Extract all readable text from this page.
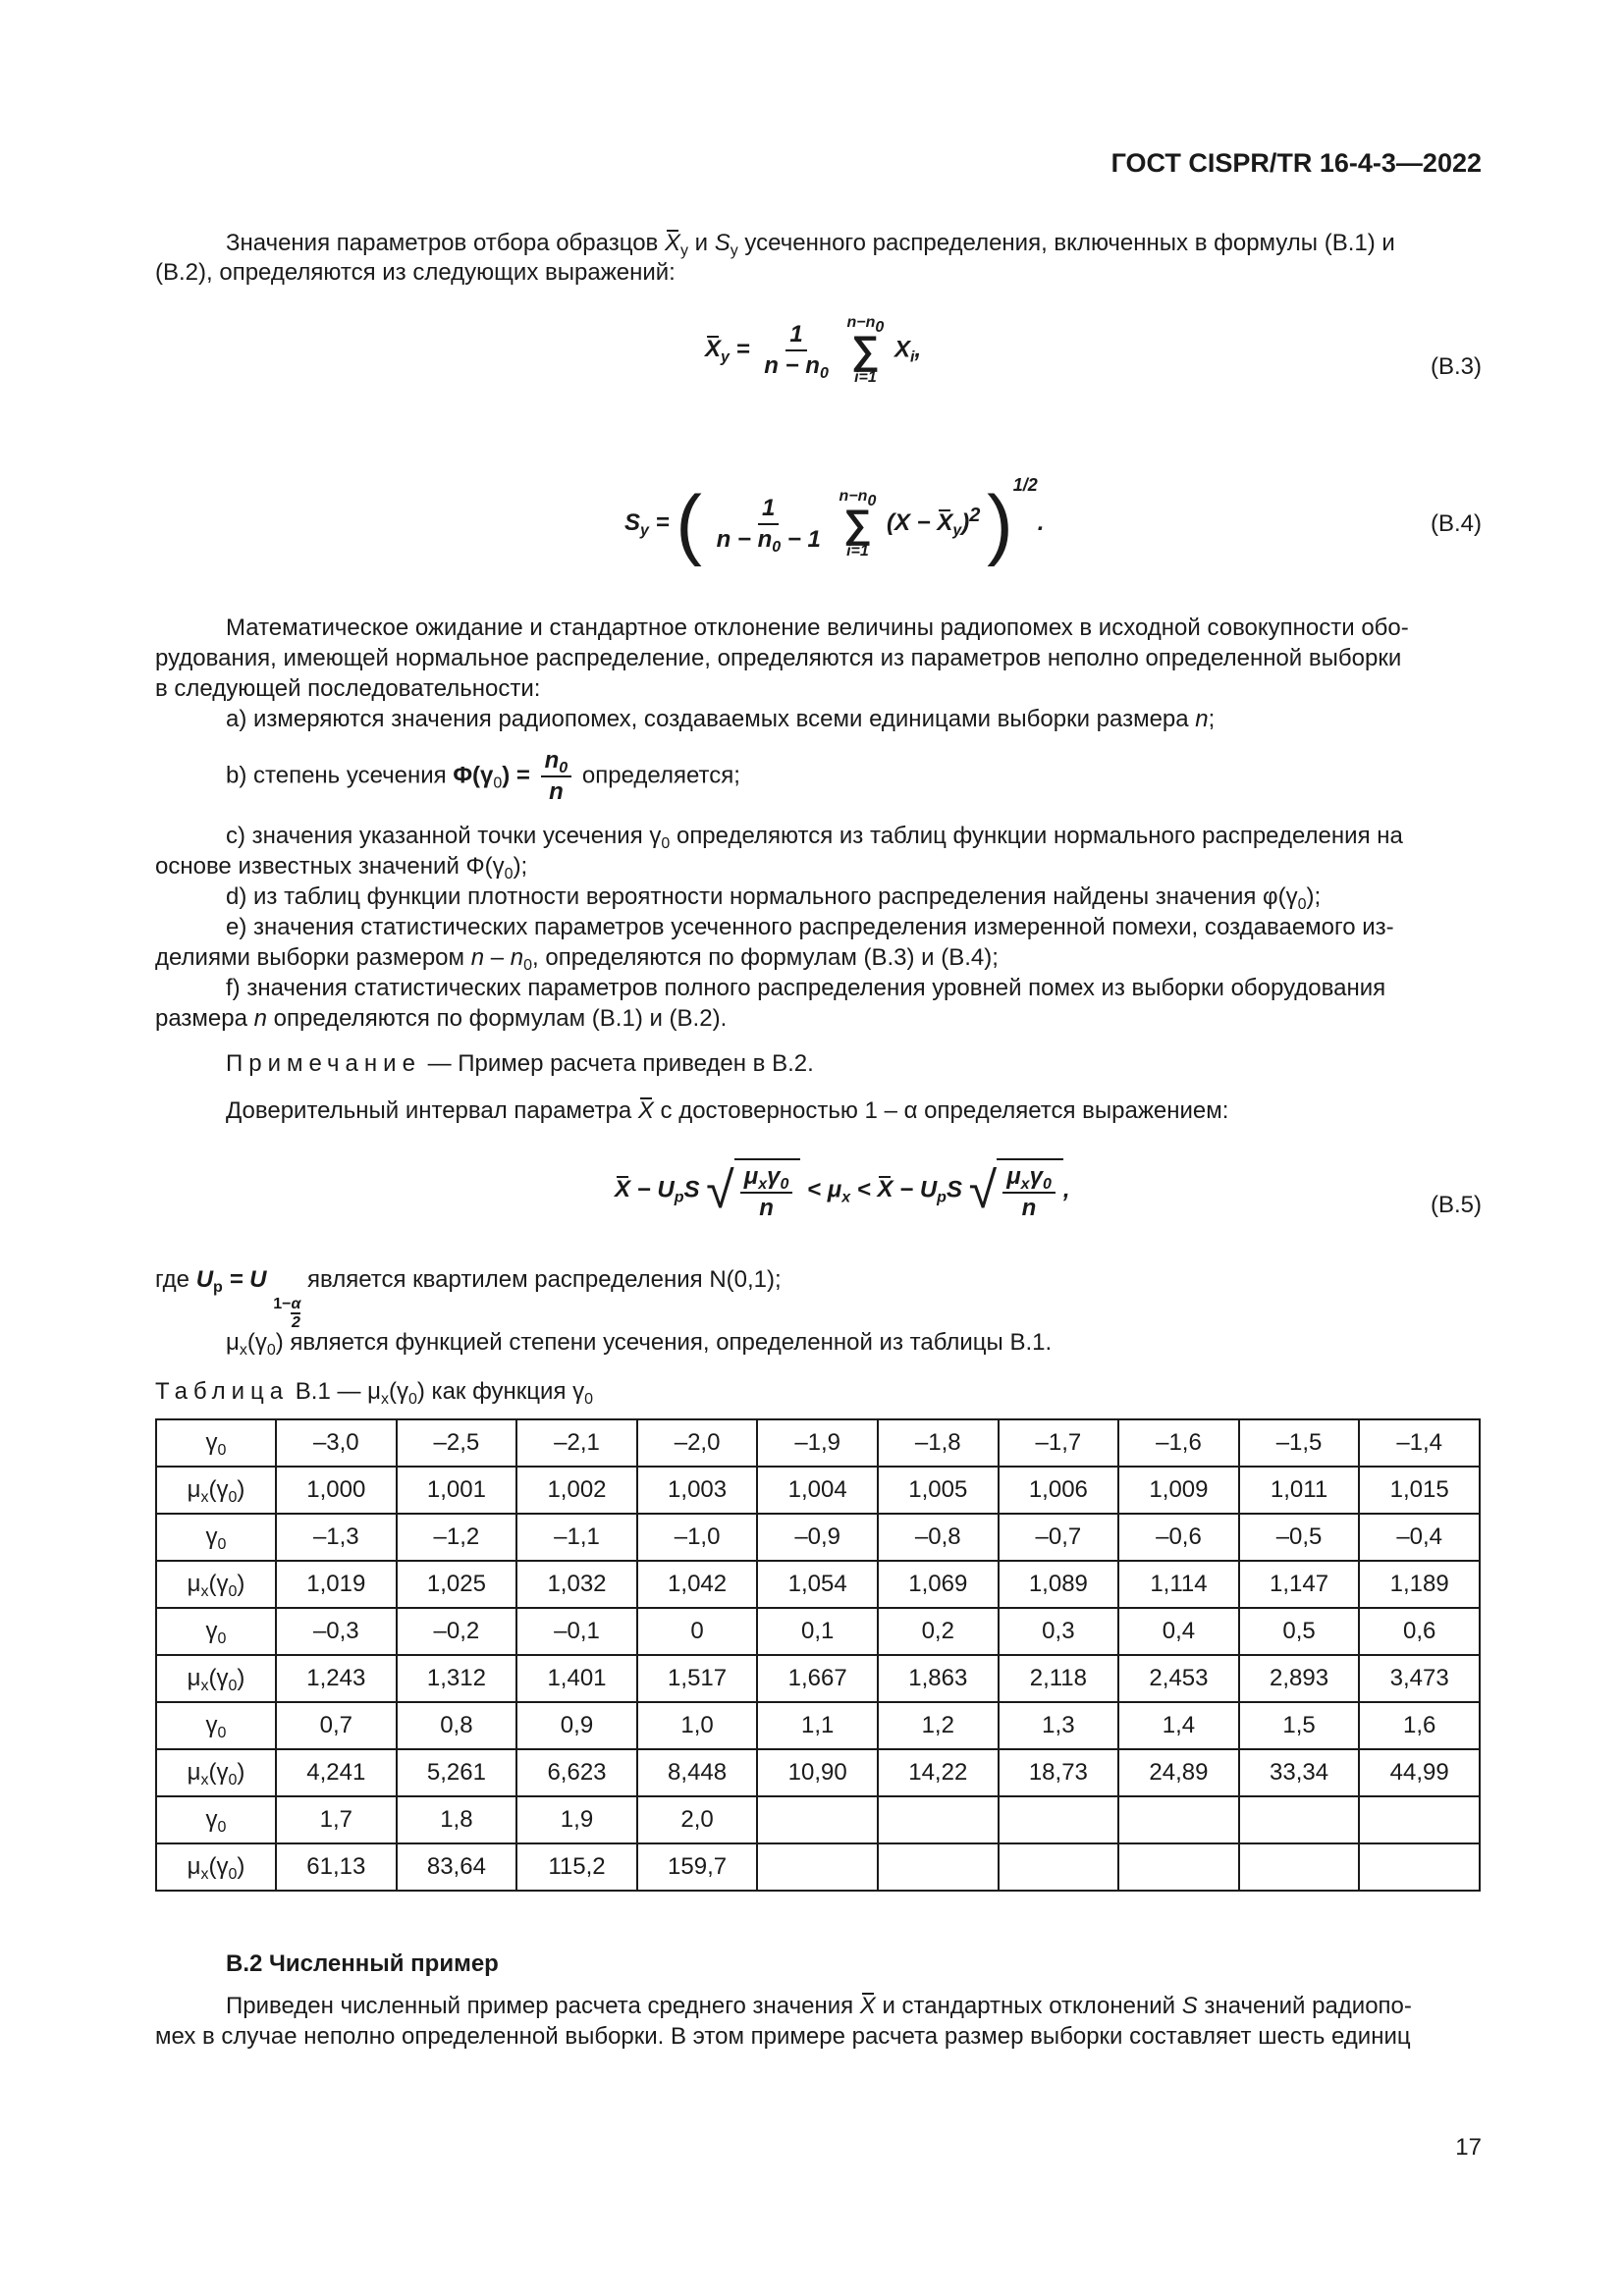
ГОСТ CISPR/TR 16-4-3—2022
Значения параметров отбора образцов $X_y$ и $S_y$ усеченного распределения, включенных в формулы (В.1) и
(В.2), определяются из следующих выражений:
$X_y = \frac{1}{n - n_0}$
$n-n_0$
∑
i=1
$X_i$,
(В.3)
$S_y$ = ( $\frac{1}{n - n_0 - 1}$
$n-n_0$
∑
i=1
$(X - X_y)^2$ )$^{1/2}$.	(В.4)
Математическое ожидание и стандартное отклонение величины радиопомех в исходной совокупности обо-
рудования, имеющей нормальное распределение, определяются из параметров неполно определенной выборки
в следующей последовательности:
a) измеряются значения радиопомех, создаваемых всеми единицами выборки размера n;
b) степень усечения $\Phi(\gamma_0) = \frac{n_0}{n}$ определяется;
c) значения указанной точки усечения $\gamma_0$ определяются из таблиц функции нормального распределения на
основе известных значений $\Phi(\gamma_0)$;
d) из таблиц функции плотности вероятности нормального распределения найдены значения $\varphi(\gamma_0)$;
e) значения статистических параметров усеченного распределения измеренной помехи, создаваемого из-
делиями выборки размером n – $n_0$, определяются по формулам (В.3) и (В.4);
f) значения статистических параметров полного распределения уровней помех из выборки оборудования
размера n определяются по формулам (В.1) и (В.2).
Примечание — Пример расчета приведен в В.2.
Доверительный интервал параметра X с достоверностью 1 – α определяется выражением:
$X - U_pS$ √ $\frac{\mu_x\gamma_0}{n} < \mu_x < X - U_pS$ √ $\frac{\mu_x\gamma_0}{n}$ ,
(В.5)
где $U_p = U$
$1- \frac{\alpha}{2}$
является квартилем распределения N(0,1);
$\mu_x(\gamma_0)$ является функцией степени усечения, определенной из таблицы В.1.
Таблица В.1 — $\mu_x(\gamma_0)$ как функция $\gamma_0$
$\gamma_0$	–3,0	–2,5	–2,1	–2,0	–1,9	–1,8	–1,7	–1,6	–1,5	–1,4
$\mu_x(\gamma_0)$	1,000	1,001	1,002	1,003	1,004	1,005	1,006	1,009	1,011	1,015
$\gamma_0$	–1,3	–1,2	–1,1	–1,0	–0,9	–0,8	–0,7	–0,6	–0,5	–0,4
$\mu_x(\gamma_0)$	1,019	1,025	1,032	1,042	1,054	1,069	1,089	1,114	1,147	1,189
$\gamma_0$	–0,3	–0,2	–0,1	0	0,1	0,2	0,3	0,4	0,5	0,6
$\mu_x(\gamma_0)$	1,243	1,312	1,401	1,517	1,667	1,863	2,118	2,453	2,893	3,473
$\gamma_0$	0,7	0,8	0,9	1,0	1,1	1,2	1,3	1,4	1,5	1,6
$\mu_x(\gamma_0)$	4,241	5,261	6,623	8,448	10,90	14,22	18,73	24,89	33,34	44,99
$\gamma_0$	1,7	1,8	1,9	2,0						
$\mu_x(\gamma_0)$	61,13	83,64	115,2	159,7						
В.2 Численный пример
Приведен численный пример расчета среднего значения X и стандартных отклонений S значений радиопо-
мех в случае неполно определенной выборки. В этом примере расчета размер выборки составляет шесть единиц
17
